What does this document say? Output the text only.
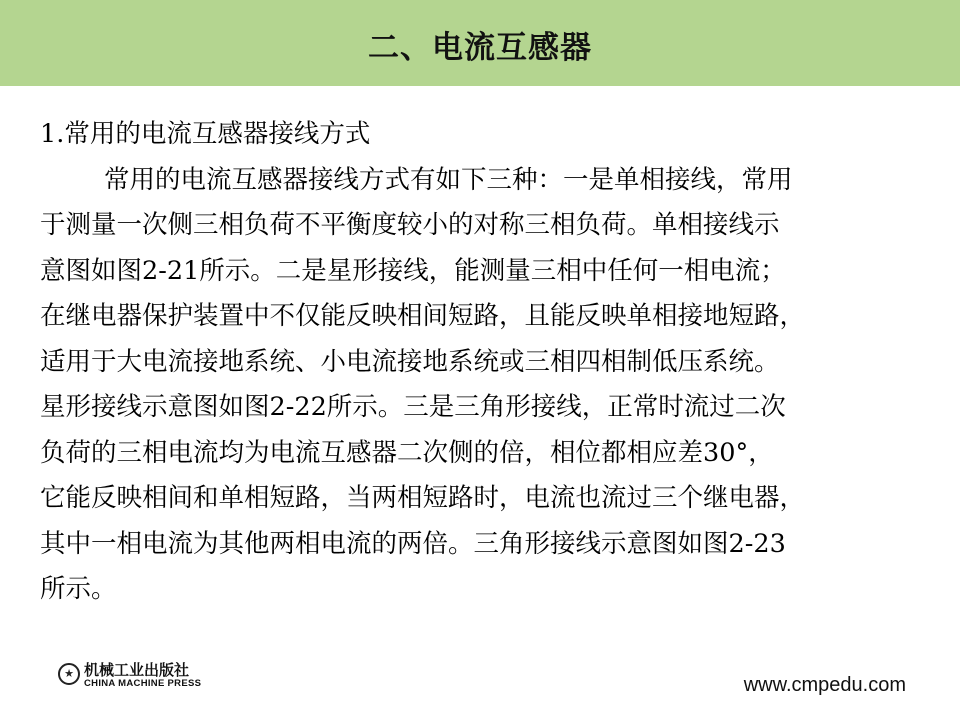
二、电流互感器
1.常用的电流互感器接线方式
常用的电流互感器接线方式有如下三种：一是单相接线，常用
于测量一次侧三相负荷不平衡度较小的对称三相负荷。单相接线示
意图如图2-21所示。二是星形接线，能测量三相中任何一相电流；
在继电器保护装置中不仅能反映相间短路，且能反映单相接地短路，
适用于大电流接地系统、小电流接地系统或三相四相制低压系统。
星形接线示意图如图2-22所示。三是三角形接线，正常时流过二次
负荷的三相电流均为电流互感器二次侧的倍，相位都相应差30°，
它能反映相间和单相短路，当两相短路时，电流也流过三个继电器，
其中一相电流为其他两相电流的两倍。三角形接线示意图如图2-23
所示。
★ 机械工业出版社
CHINA MACHINE PRESS	www.cmpedu.com
